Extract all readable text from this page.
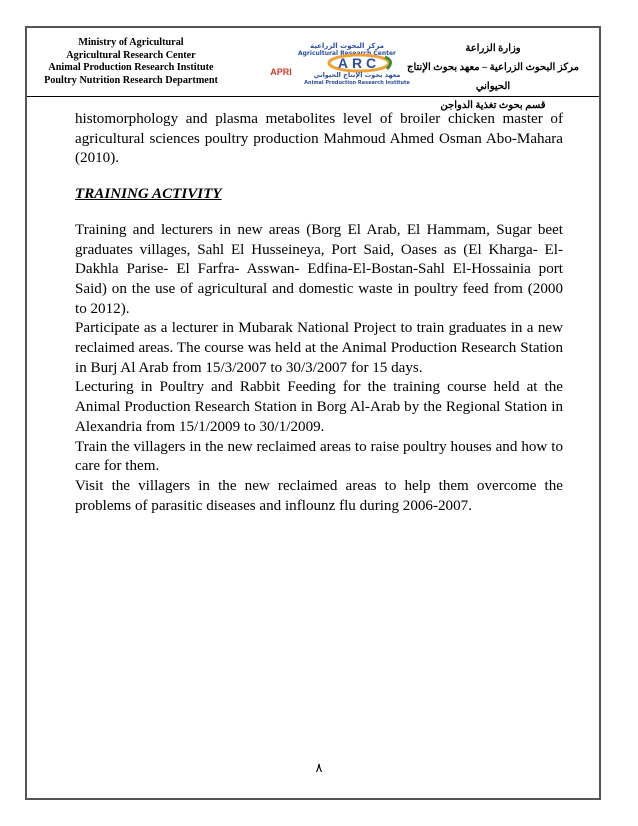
Ministry of Agricultural
Agricultural Research Center
Animal Production Research Institute
Poultry Nutrition Research Department
مركز البحوث الزراعية
Agricultural Research Center
ARC
APRI	معهد بحوث الإنتاج الحيواني
Animal Production Research Institute
وزارة الزراعة
مركز البحوث الزراعية – معهد بحوث الإنتاج الحيواني
قسم بحوث تغذية الدواجن

histomorphology and plasma metabolites level of broiler chicken master of agricultural sciences poultry production Mahmoud Ahmed Osman Abo-Mahara (2010).

TRAINING ACTIVITY

Training and lecturers in new areas (Borg El Arab, El Hammam, Sugar beet graduates villages, Sahl El Husseineya, Port Said, Oases as (El Kharga- El-Dakhla Parise- El Farfra- Asswan- Edfina-El-Bostan-Sahl El-Hossainia port Said) on the use of agricultural and domestic waste in poultry feed from (2000 to 2012).

Participate as a lecturer in Mubarak National Project to train graduates in a new reclaimed areas. The course was held at the Animal Production Research Station in Burj Al Arab from 15/3/2007 to 30/3/2007 for 15 days.

Lecturing in Poultry and Rabbit Feeding for the training course held at the Animal Production Research Station in Borg Al-Arab by the Regional Station in Alexandria from 15/1/2009 to 30/1/2009.

Train the villagers in the new reclaimed areas to raise poultry houses and how to care for them.

Visit the villagers in the new reclaimed areas to help them overcome the problems of parasitic diseases and inflounz flu during 2006-2007.

٨
